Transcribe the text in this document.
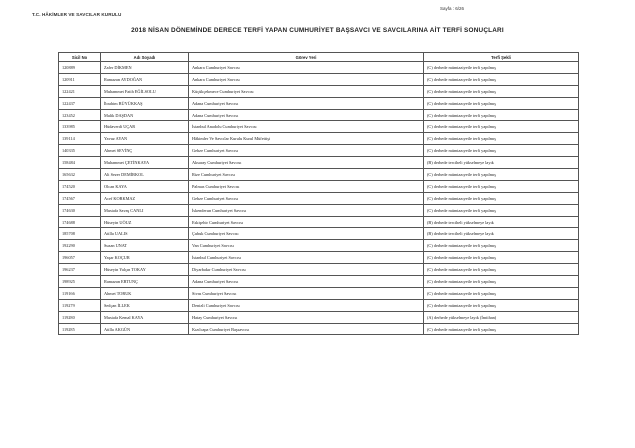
Sayfa : 6/26
T.C. HÂKİMLER VE SAVCILAR KURULU
2018 NİSAN DÖNEMİNDE DERECE TERFİ YAPAN CUMHURİYET BAŞSAVCI VE SAVCILARINA AİT TERFİ SONUÇLARI
Sicil No	Adı Soyadı	Görev Yeri	Terfi Şekli
120889	Zafer DİKMEN	Ankara Cumhuriyet Savcısı	(C) derhede mümtaziyetle terfi yapılmış
120911	Ramazan AYDOĞAN	Ankara Cumhuriyet Savcısı	(C) derhede mümtazıyetle terfi yapılmış
122421	Muhammet Fatih EĞİLSOLU	Küçükçekmece Cumhuriyet Savcısı	(C) derhede mümtazıyetle terfi yapılmış
122437	İbrahim BÜYÜKKAŞ	Adana Cumhuriyet Savcısı	(C) derhede mümtazıyetle terfi yapılmış
123452	Malik DAŞDAN	Adana Cumhuriyet Savcısı	(C) derhede mümtazıyetle terfi yapılmış
133985	Hüdaverdi UÇAR	İstanbul Anadolu Cumhuriyet Savcısı	(C) derhede mümtazıyetle terfi yapılmış
139114	Yavuz AYAN	Hâkimler Ve Savcılar Kurulu Kurul Müfettişi	(C) derhede mümtazıyetle terfi yapılmış
140335	Ahmet SEVİNÇ	Gebze Cumhuriyet Savcısı	(C) derhede mümtazıyetle terfi yapılmış
158484	Muhammet ÇETİNKAYA	Aksaray Cumhuriyet Savcısı	(B) derhede terciheli yükselmeye layık
165632	Ali Sezer DEMİRKOL	Rize Cumhuriyet Savcısı	(C) derhede mümtazıyetle terfi yapılmış
174520	Olcan KAYA	Palmas Cumhuriyet Savcısı	(C) derhede mümtazıyetle terfi yapılmış
174567	Acef KORKMAZ	Gebze Cumhuriyet Savcısı	(C) derhede mümtazıyetle terfi yapılmış
174630	Mustafa Savaş CANLI	İskenderun Cumhuriyet Savcısı	(C) derhede mümtazıyetle terfi yapılmış
174688	Hüseyin UÖUZ	Eskişehir Cumhuriyet Savcısı	(B) derhede terciheli yükselmeye layık
185708	Atilla UALIS	Çubuk Cumhuriyet Savcısı	(B) derhede terciheli yükselmeye layık
192290	Suzan UNAT	Van Cumhuriyet Savcısı	(C) derhede mümtazıyetle terfi yapılmış
196057	Yaşar KOÇUR	İstanbul Cumhuriyet Savcısı	(C) derhede mümtazıyetle terfi yapılmış
196237	Hüseyin Yalçın TOKAY	Diyarbakır Cumhuriyet Savcısı	(C) derhede mümtazıyetle terfi yapılmış
198925	Ramazan ERTUNÇ	Adana Cumhuriyet Savcısı	(C) derhede mümtazıyetle terfi yapılmış
119166	Ahmet TORUK	Sivas Cumhuriyet Savcısı	(C) derhede mümtazıyetle terfi yapılmış
119279	Sedçan İLLEK	Denizli Cumhuriyet Savcısı	(C) derhede mümtazıyetle terfi yapılmış
119280	Mustafa Kemal KAYA	Hatay Cumhuriyet Savcısı	(A) derhede yükselmeye layık (İmtihan)
119285	Atilla AKGÜN	Kızılcapa Cumhuriyet Başsavcısı	(C) derhede mümtazıyetle terfi yapılmış
